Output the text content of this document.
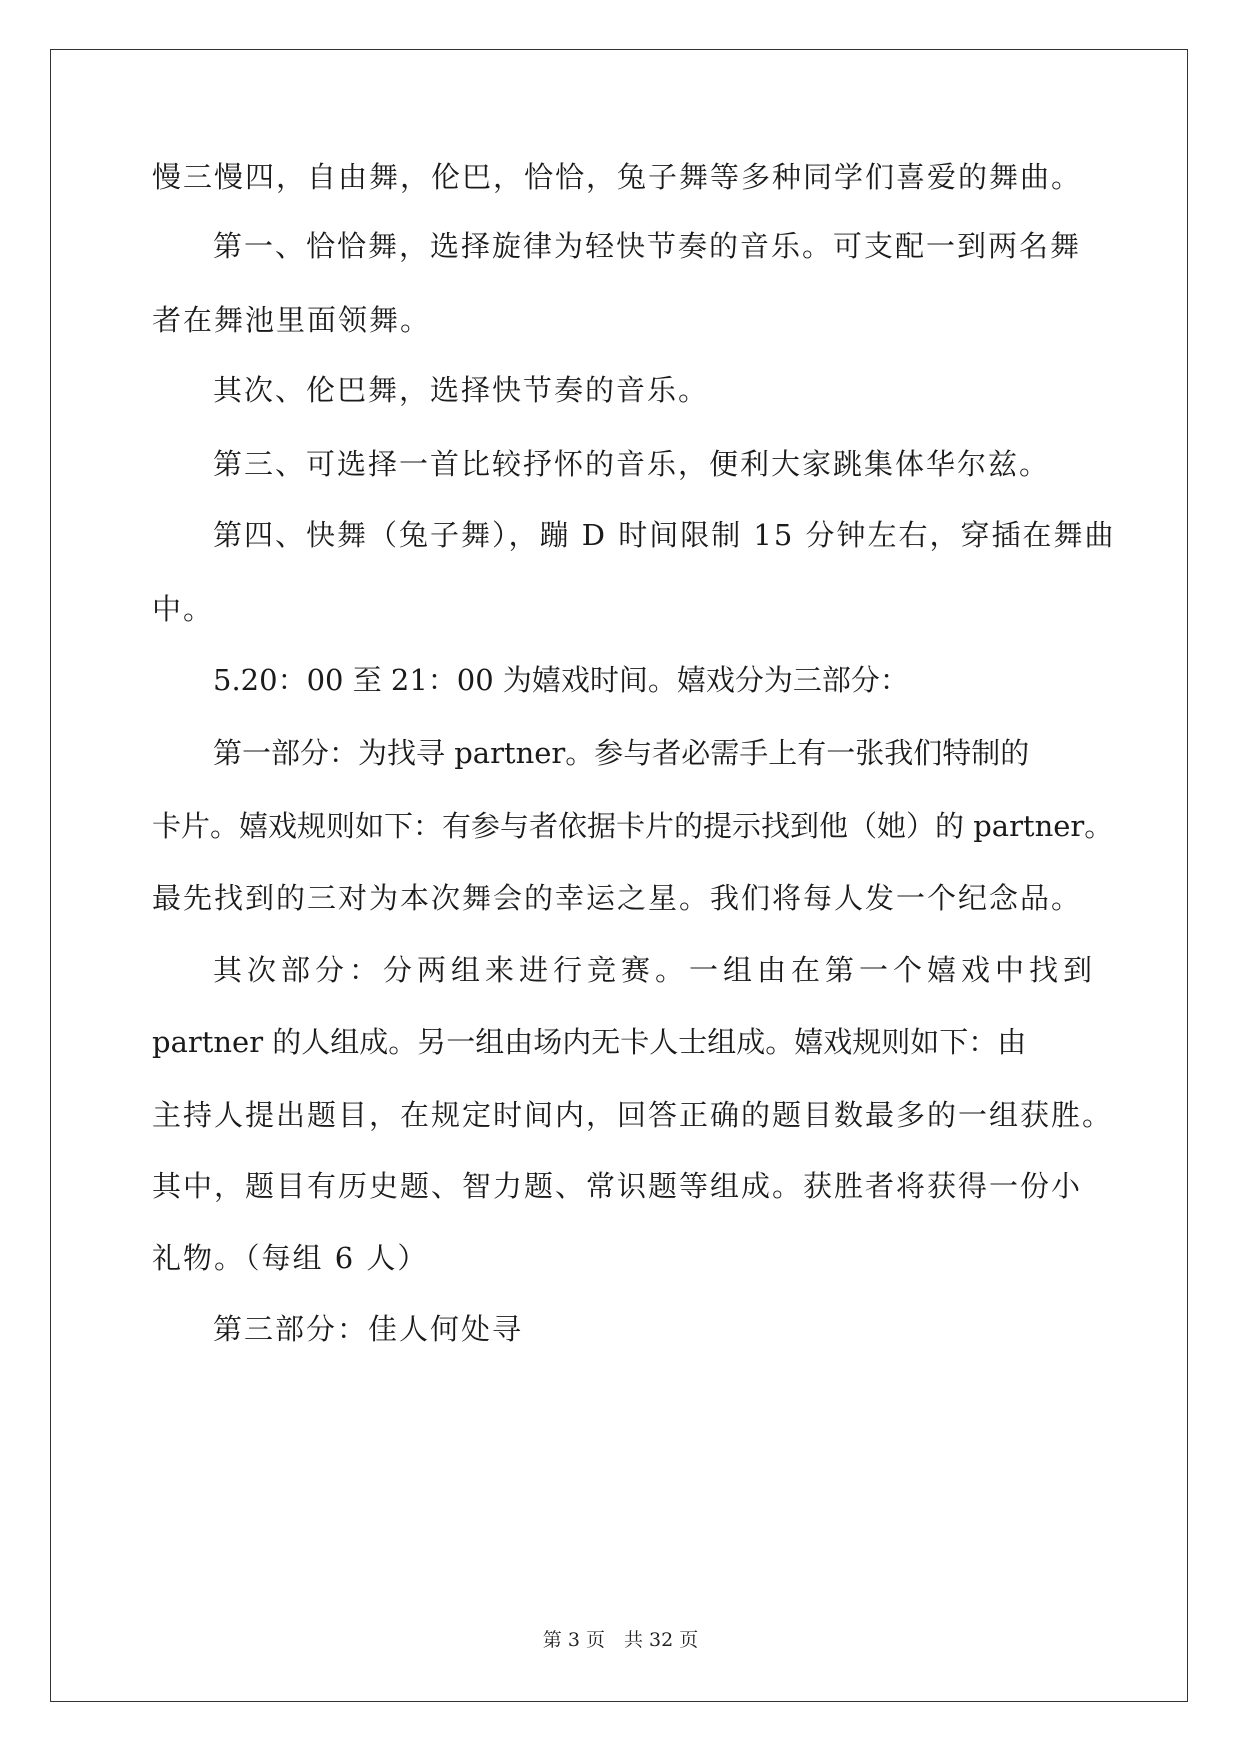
慢三慢四，自由舞，伦巴，恰恰，兔子舞等多种同学们喜爱的舞曲。
第一、恰恰舞，选择旋律为轻快节奏的音乐。可支配一到两名舞
者在舞池里面领舞。
其次、伦巴舞，选择快节奏的音乐。
第三、可选择一首比较抒怀的音乐，便利大家跳集体华尔兹。
第四、快舞（兔子舞），蹦 D 时间限制 15 分钟左右，穿插在舞曲
中。
5.20：00 至 21：00 为嬉戏时间。嬉戏分为三部分：
第一部分：为找寻 partner。参与者必需手上有一张我们特制的
卡片。嬉戏规则如下：有参与者依据卡片的提示找到他（她）的 partner。
最先找到的三对为本次舞会的幸运之星。我们将每人发一个纪念品。
其次部分：分两组来进行竞赛。一组由在第一个嬉戏中找到
partner 的人组成。另一组由场内无卡人士组成。嬉戏规则如下：由
主持人提出题目，在规定时间内，回答正确的题目数最多的一组获胜。
其中，题目有历史题、智力题、常识题等组成。获胜者将获得一份小
礼物。（每组 6 人）
第三部分：佳人何处寻
第 3 页　共 32 页
